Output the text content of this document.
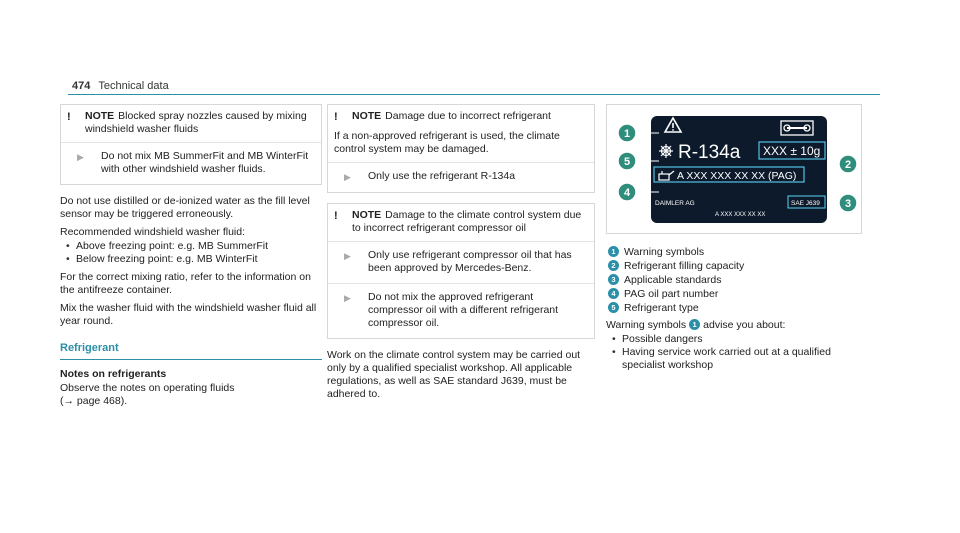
474 Technical data
!	NOTE Blocked spray nozzles caused by mixing windshield washer fluids
▶	Do not mix MB SummerFit and MB WinterFit with other windshield washer fluids.

Do not use distilled or de-ionized water as the fill level sensor may be triggered erroneously.

Recommended windshield washer fluid:

• Above freezing point: e.g. MB SummerFit
• Below freezing point: e.g. MB WinterFit

For the correct mixing ratio, refer to the information on the antifreeze container.

Mix the washer fluid with the windshield washer fluid all year round.

Refrigerant
Notes on refrigerants
Observe the notes on operating fluids
(→ page 468).
!	NOTE Damage due to incorrect refrigerant
If a non-approved refrigerant is used, the climate control system may be damaged.
▶	Only use the refrigerant R-134a
!	NOTE Damage to the climate control system due to incorrect refrigerant compressor oil
▶	Only use refrigerant compressor oil that has been approved by Mercedes-Benz.
▶	Do not mix the approved refrigerant compressor oil with a different refrigerant compressor oil.

Work on the climate control system may be carried out only by a qualified specialist workshop. All applicable regulations, as well as SAE standard J639, must be adhered to.

R-134a XXX ± 10g
A XXX XXX XX XX (PAG)
DAIMLER AG	SAE J639
A XXX XXX XX XX
1
5
4
2
3
1 Warning symbols
2 Refrigerant filling capacity
3 Applicable standards
4 PAG oil part number
5 Refrigerant type

Warning symbols 1 advise you about:

• Possible dangers
• Having service work carried out at a qualified specialist workshop
